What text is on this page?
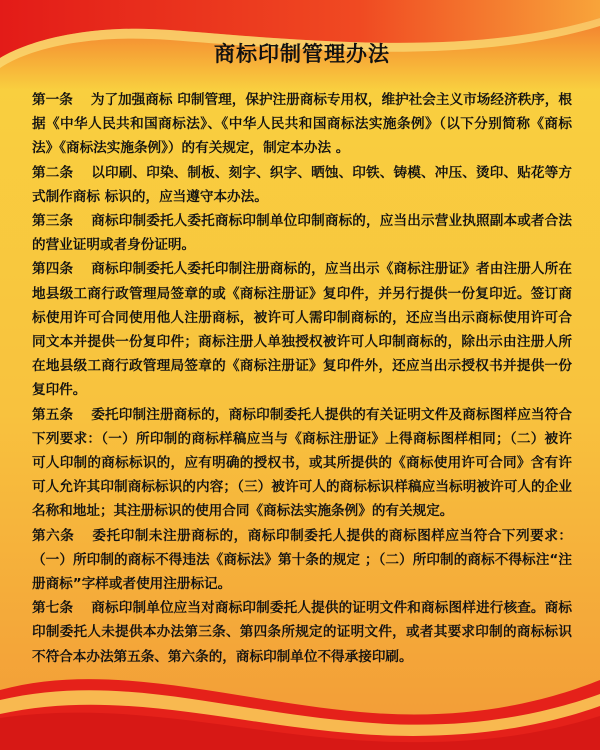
商标印制管理办法

第一条 为了加强商标 印制管理，保护注册商标专用权，维护社会主义市场经济秩序，根据《中华人民共和国商标法》、《中华人民共和国商标法实施条例》（以下分别简称《商标法》《商标法实施条例》）的有关规定，制定本办法 。

第二条 以印刷、印染、制板、刻字、织字、晒蚀、印铁、铸模、冲压、烫印、贴花等方式制作商标 标识的，应当遵守本办法。

第三条 商标印制委托人委托商标印制单位印制商标的，应当出示营业执照副本或者合法的营业证明或者身份证明。

第四条 商标印制委托人委托印制注册商标的，应当出示《商标注册证》者由注册人所在地县级工商行政管理局签章的或《商标注册证》复印件，并另行提供一份复印近。签订商标使用许可合同使用他人注册商标，被许可人需印制商标的，还应当出示商标使用许可合同文本并提供一份复印件；商标注册人单独授权被许可人印制商标的，除出示由注册人所在地县级工商行政管理局签章的《商标注册证》复印件外，还应当出示授权书并提供一份复印件。

第五条 委托印制注册商标的，商标印制委托人提供的有关证明文件及商标图样应当符合下列要求：（一）所印制的商标样稿应当与《商标注册证》上得商标图样相同；（二）被许可人印制的商标标识的，应有明确的授权书，或其所提供的《商标使用许可合同》含有许可人允许其印制商标标识的内容；（三）被许可人的商标标识样稿应当标明被许可人的企业名称和地址；其注册标识的使用合同《商标法实施条例》的有关规定。

第六条 委托印制未注册商标的，商标印制委托人提供的商标图样应当符合下列要求：（一）所印制的商标不得违法《商标法》第十条的规定 ；（二）所印制的商标不得标注“注册商标”字样或者使用注册标记。

第七条 商标印制单位应当对商标印制委托人提供的证明文件和商标图样进行核查。商标印制委托人未提供本办法第三条、第四条所规定的证明文件，或者其要求印制的商标标识不符合本办法第五条、第六条的，商标印制单位不得承接印刷。
